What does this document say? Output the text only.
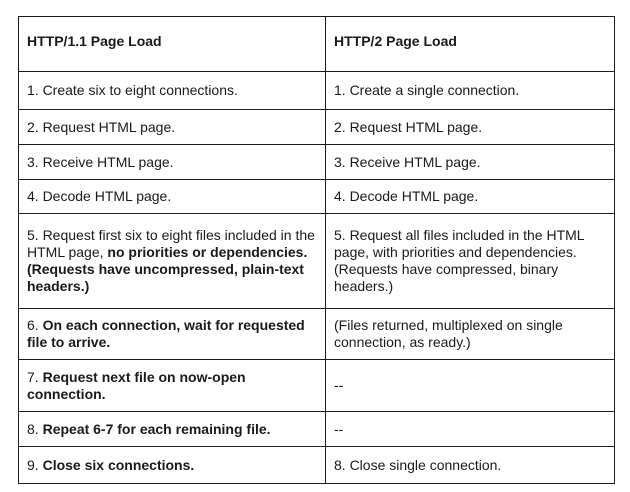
HTTP/1.1 Page Load	HTTP/2 Page Load
1. Create six to eight connections.	1. Create a single connection.
2. Request HTML page.	2. Request HTML page.
3. Receive HTML page.	3. Receive HTML page.
4. Decode HTML page.	4. Decode HTML page.
5. Request first six to eight files included in the HTML page, no priorities or dependencies. (Requests have uncompressed, plain-text headers.)	5. Request all files included in the HTML page, with priorities and dependencies. (Requests have compressed, binary headers.)
6. On each connection, wait for requested file to arrive.	(Files returned, multiplexed on single connection, as ready.)
7. Request next file on now-open connection.	--
8. Repeat 6-7 for each remaining file.	--
9. Close six connections.	8. Close single connection.
